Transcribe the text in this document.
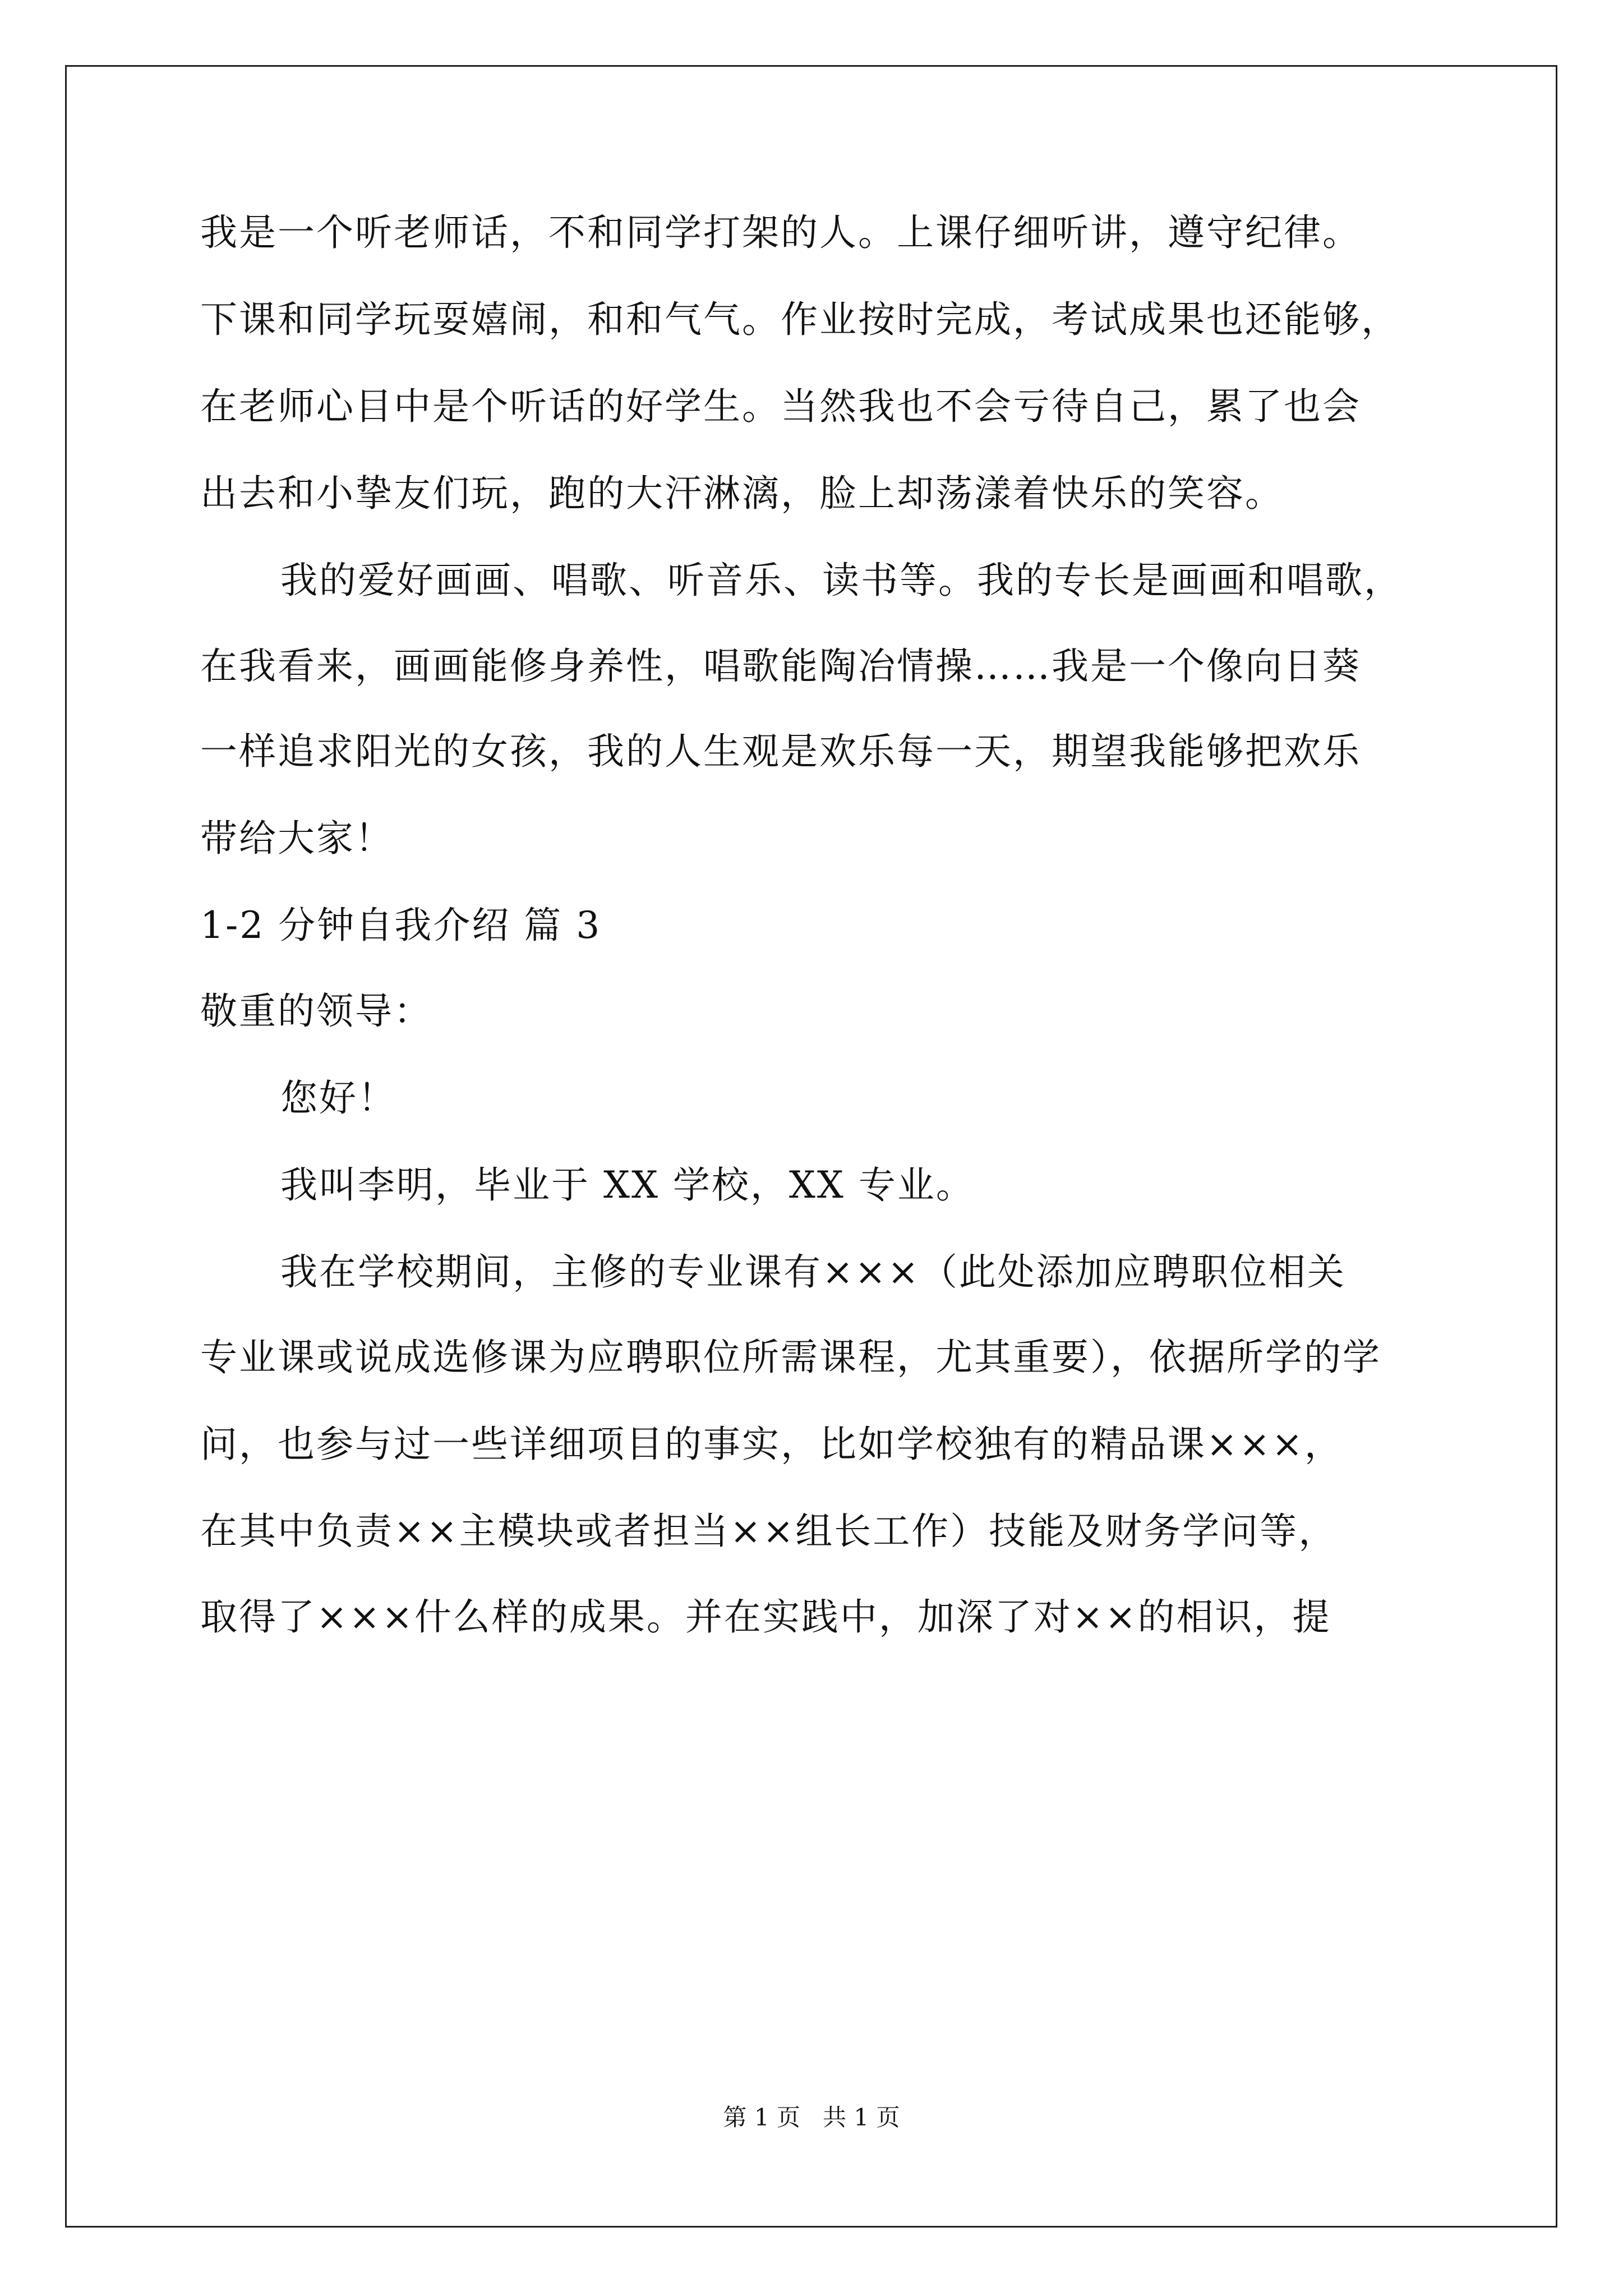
我是一个听老师话，不和同学打架的人。上课仔细听讲，遵守纪律。
下课和同学玩耍嬉闹，和和气气。作业按时完成，考试成果也还能够，
在老师心目中是个听话的好学生。当然我也不会亏待自己，累了也会
出去和小挚友们玩，跑的大汗淋漓，脸上却荡漾着快乐的笑容。
我的爱好画画、唱歌、听音乐、读书等。我的专长是画画和唱歌，
在我看来，画画能修身养性，唱歌能陶冶情操……我是一个像向日葵
一样追求阳光的女孩，我的人生观是欢乐每一天，期望我能够把欢乐
带给大家！
1-2 分钟自我介绍 篇 3
敬重的领导：
您好！
我叫李明，毕业于 XX 学校，XX 专业。
我在学校期间，主修的专业课有×××（此处添加应聘职位相关
专业课或说成选修课为应聘职位所需课程，尤其重要），依据所学的学
问，也参与过一些详细项目的事实，比如学校独有的精品课×××，
在其中负责××主模块或者担当××组长工作）技能及财务学问等，
取得了×××什么样的成果。并在实践中，加深了对××的相识，提
第 1 页   共 1 页
